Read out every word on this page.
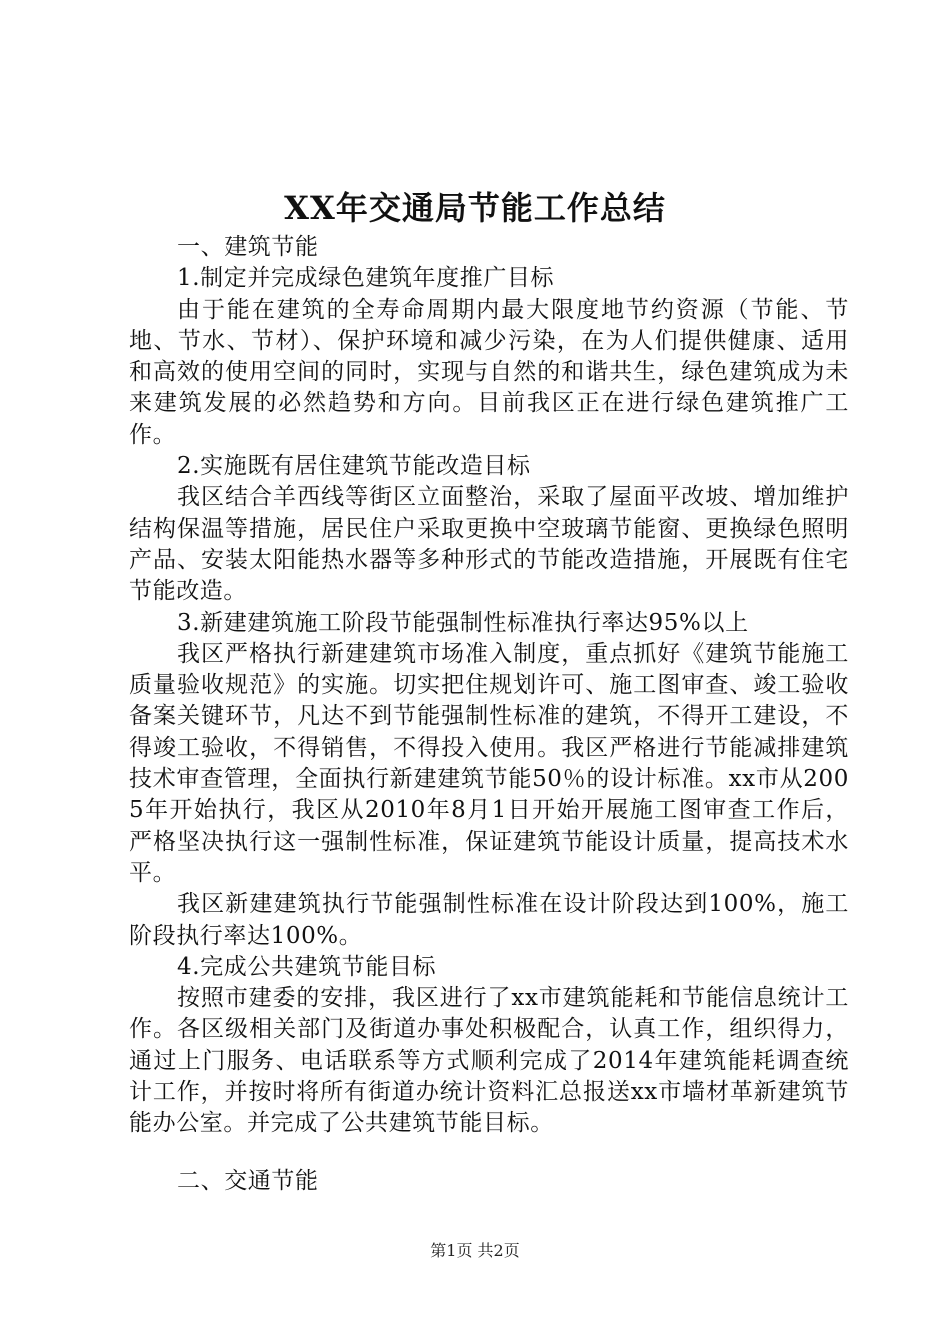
XX年交通局节能工作总结

一、建筑节能

1.制定并完成绿色建筑年度推广目标

由于能在建筑的全寿命周期内最大限度地节约资源（节能、节地、节水、节材）、保护环境和减少污染，在为人们提供健康、适用和高效的使用空间的同时，实现与自然的和谐共生，绿色建筑成为未来建筑发展的必然趋势和方向。目前我区正在进行绿色建筑推广工作。

2.实施既有居住建筑节能改造目标

我区结合羊西线等街区立面整治，采取了屋面平改坡、增加维护结构保温等措施，居民住户采取更换中空玻璃节能窗、更换绿色照明产品、安装太阳能热水器等多种形式的节能改造措施，开展既有住宅节能改造。

3.新建建筑施工阶段节能强制性标准执行率达95%以上

我区严格执行新建建筑市场准入制度，重点抓好《建筑节能施工质量验收规范》的实施。切实把住规划许可、施工图审查、竣工验收备案关键环节，凡达不到节能强制性标准的建筑，不得开工建设，不得竣工验收，不得销售，不得投入使用。我区严格进行节能减排建筑技术审查管理，全面执行新建建筑节能50％的设计标准。xx市从2005年开始执行，我区从2010年8月1日开始开展施工图审查工作后，严格坚决执行这一强制性标准，保证建筑节能设计质量，提高技术水平。

我区新建建筑执行节能强制性标准在设计阶段达到100%，施工阶段执行率达100%。

4.完成公共建筑节能目标

按照市建委的安排，我区进行了xx市建筑能耗和节能信息统计工作。各区级相关部门及街道办事处积极配合，认真工作，组织得力，通过上门服务、电话联系等方式顺利完成了2014年建筑能耗调查统计工作，并按时将所有街道办统计资料汇总报送xx市墙材革新建筑节能办公室。并完成了公共建筑节能目标。

二、交通节能

第1页 共2页
